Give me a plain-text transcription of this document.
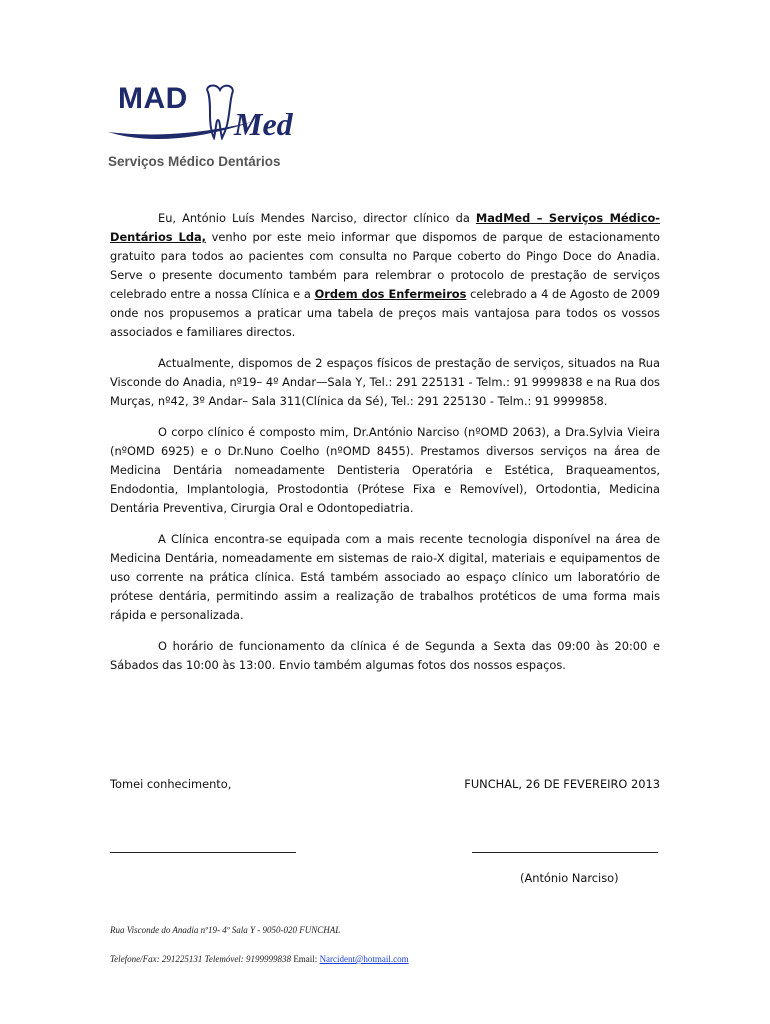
MAD
Med
Serviços Médico Dentários

Eu, António Luís Mendes Narciso, director clínico da MadMed – Serviços Médico-Dentários Lda, venho por este meio informar que dispomos de parque de estacionamento gratuito para todos ao pacientes com consulta no Parque coberto do Pingo Doce do Anadia. Serve o presente documento também para relembrar o protocolo de prestação de serviços celebrado entre a nossa Clínica e a Ordem dos Enfermeiros celebrado a 4 de Agosto de 2009 onde nos propusemos a praticar uma tabela de preços mais vantajosa para todos os vossos associados e familiares directos.

Actualmente, dispomos de 2 espaços físicos de prestação de serviços, situados na Rua Visconde do Anadia, nº19– 4º Andar—Sala Y, Tel.: 291 225131 - Telm.: 91 9999838 e na Rua dos Murças, nº42, 3º Andar– Sala 311(Clínica da Sé), Tel.: 291 225130 - Telm.: 91 9999858.

O corpo clínico é composto mim, Dr.António Narciso (nºOMD 2063), a Dra.Sylvia Vieira (nºOMD 6925) e o Dr.Nuno Coelho (nºOMD 8455). Prestamos diversos serviços na área de Medicina Dentária nomeadamente Dentisteria Operatória e Estética, Braqueamentos, Endodontia, Implantologia, Prostodontia (Prótese Fixa e Removível), Ortodontia, Medicina Dentária Preventiva, Cirurgia Oral e Odontopediatria.

A Clínica encontra-se equipada com a mais recente tecnologia disponível na área de Medicina Dentária, nomeadamente em sistemas de raio-X digital, materiais e equipamentos de uso corrente na prática clínica. Está também associado ao espaço clínico um laboratório de prótese dentária, permitindo assim a realização de trabalhos protéticos de uma forma mais rápida e personalizada.

O horário de funcionamento da clínica é de Segunda a Sexta das 09:00 às 20:00 e Sábados das 10:00 às 13:00. Envio também algumas fotos dos nossos espaços.

Tomei conhecimento,	FUNCHAL, 26 DE FEVEREIRO 2013
(António Narciso)
Rua Visconde do Anadia nº19- 4º Sala Y - 9050-020 FUNCHAL
Telefone/Fax: 291225131 Telemóvel: 9199999838 Email: Narcident@hotmail.com
